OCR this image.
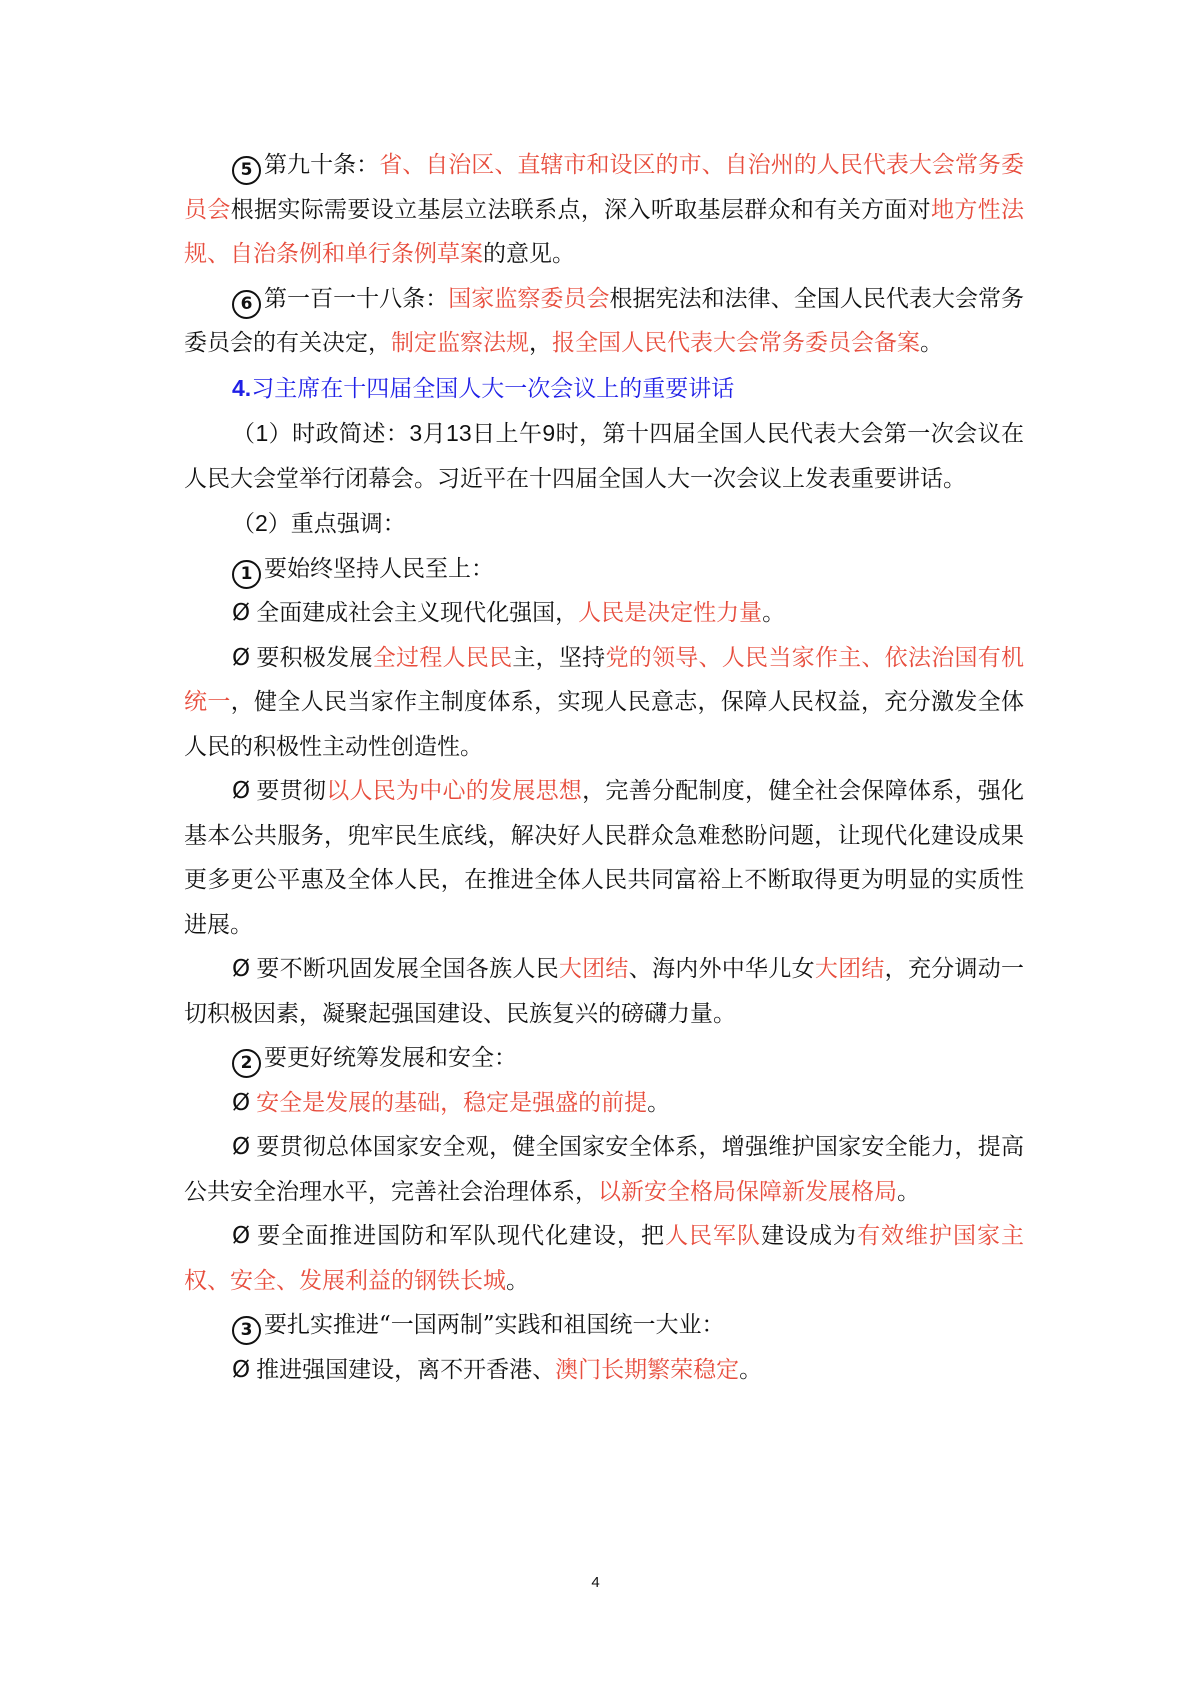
5 第九十条：省、自治区、直辖市和设区的市、自治州的人民代表大会常务委员会根据实际需要设立基层立法联系点，深入听取基层群众和有关方面对地方性法规、自治条例和单行条例草案的意见。

6 第一百一十八条：国家监察委员会根据宪法和法律、全国人民代表大会常务委员会的有关决定，制定监察法规，报全国人民代表大会常务委员会备案。

4.习主席在十四届全国人大一次会议上的重要讲话

（1）时政简述：3月13日上午9时，第十四届全国人民代表大会第一次会议在人民大会堂举行闭幕会。习近平在十四届全国人大一次会议上发表重要讲话。

（2）重点强调：

1 要始终坚持人民至上：

Ø 全面建成社会主义现代化强国，人民是决定性力量。

Ø 要积极发展全过程人民民主，坚持党的领导、人民当家作主、依法治国有机统一，健全人民当家作主制度体系，实现人民意志，保障人民权益，充分激发全体人民的积极性主动性创造性。

Ø 要贯彻以人民为中心的发展思想，完善分配制度，健全社会保障体系，强化基本公共服务，兜牢民生底线，解决好人民群众急难愁盼问题，让现代化建设成果更多更公平惠及全体人民，在推进全体人民共同富裕上不断取得更为明显的实质性进展。

Ø 要不断巩固发展全国各族人民大团结、海内外中华儿女大团结，充分调动一切积极因素，凝聚起强国建设、民族复兴的磅礴力量。

2 要更好统筹发展和安全：

Ø 安全是发展的基础，稳定是强盛的前提。

Ø 要贯彻总体国家安全观，健全国家安全体系，增强维护国家安全能力，提高公共安全治理水平，完善社会治理体系，以新安全格局保障新发展格局。

Ø 要全面推进国防和军队现代化建设，把人民军队建设成为有效维护国家主权、安全、发展利益的钢铁长城。

3 要扎实推进“一国两制”实践和祖国统一大业：

Ø 推进强国建设，离不开香港、澳门长期繁荣稳定。

4
